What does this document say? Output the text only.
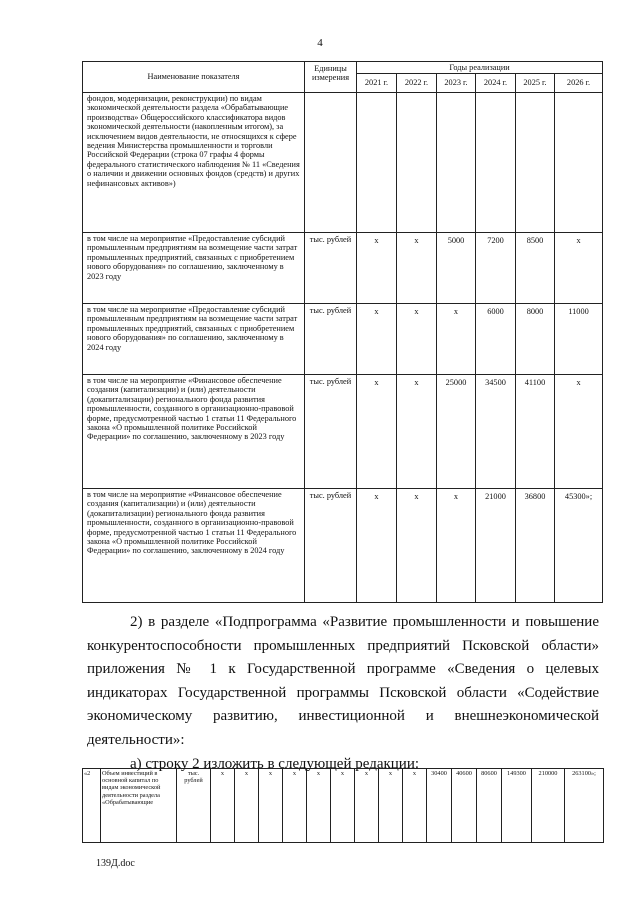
4
Наименование показателя	Единицы измерения	Годы реализации					
		2021 г.	2022 г.	2023 г.	2024 г.	2025 г.	2026 г.
фондов, модернизации, реконструкции) по видам экономической деятельности раздела «Обрабатывающие производства» Общероссийского классификатора видов экономической деятельности (накопленным итогом), за исключением видов деятельности, не относящихся к сфере ведения Министерства промышленности и торговли Российской Федерации (строка 07 графы 4 формы федерального статистического наблюдения № 11 «Сведения о наличии и движении основных фондов (средств) и других нефинансовых активов»)							
в том числе на мероприятие «Предоставление субсидий промышленным предприятиям на возмещение части затрат промышленных предприятий, связанных с приобретением нового оборудования» по соглашению, заключенному в 2023 году	тыс. рублей	x	x	5000	7200	8500	x
в том числе на мероприятие «Предоставление субсидий промышленным предприятиям на возмещение части затрат промышленных предприятий, связанных с приобретением нового оборудования» по соглашению, заключенному в 2024 году	тыс. рублей	x	x	x	6000	8000	11000
в том числе на мероприятие «Финансовое обеспечение создания (капитализации) и (или) деятельности (докапитализации) регионального фонда развития промышленности, созданного в организационно-правовой форме, предусмотренной частью 1 статьи 11 Федерального закона «О промышленной политике Российской Федерации» по соглашению, заключенному в 2023 году	тыс. рублей	x	x	25000	34500	41100	x
в том числе на мероприятие «Финансовое обеспечение создания (капитализации) и (или) деятельности (докапитализации) регионального фонда развития промышленности, созданного в организационно-правовой форме, предусмотренной частью 1 статьи 11 Федерального закона «О промышленной политике Российской Федерации» по соглашению, заключенному в 2024 году	тыс. рублей	x	x	x	21000	36800	45300»;

2) в разделе «Подпрограмма «Развитие промышленности и повышение конкурентоспособности промышленных предприятий Псковской области» приложения № 1 к Государственной программе «Сведения о целевых индикаторах Государственной программы Псковской области «Содействие экономическому развитию, инвестиционной и внешнеэкономической деятельности»:

а) строку 2 изложить в следующей редакции:

«2	Объем инвестиций в основной капитал по видам экономической деятельности раздела «Обрабатывающие	тыс. рублей	x	x	x	x	x	x	x	x	x	30400	40600	80600	149300	210000	263100»;
139Д.doc
